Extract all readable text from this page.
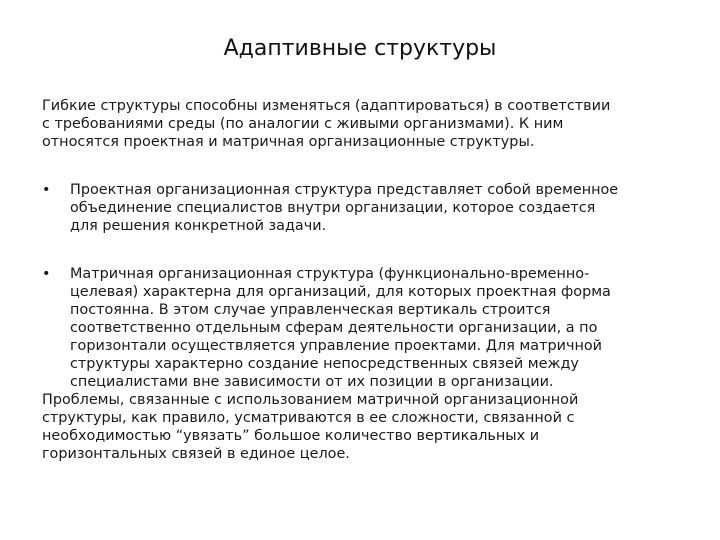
Адаптивные структуры

Гибкие структуры способны изменяться (адаптироваться) в соответствии
с требованиями среды (по аналогии с живыми организмами). К ним
относятся проектная и матричная организационные структуры.

•	Проектная организационная структура представляет собой временное
объединение специалистов внутри организации, которое создается
для решения конкретной задачи.
•	Матричная организационная структура (функционально-временно-
целевая) характерна для организаций, для которых проектная форма
постоянна. В этом случае управленческая вертикаль строится
соответственно отдельным сферам деятельности организации, а по
горизонтали осуществляется управление проектами. Для матричной
структуры характерно создание непосредственных связей между
специалистами вне зависимости от их позиции в организации.

Проблемы, связанные с использованием матричной организационной
структуры, как правило, усматриваются в ее сложности, связанной с
необходимостью “увязать” большое количество вертикальных и
горизонтальных связей в единое целое.
